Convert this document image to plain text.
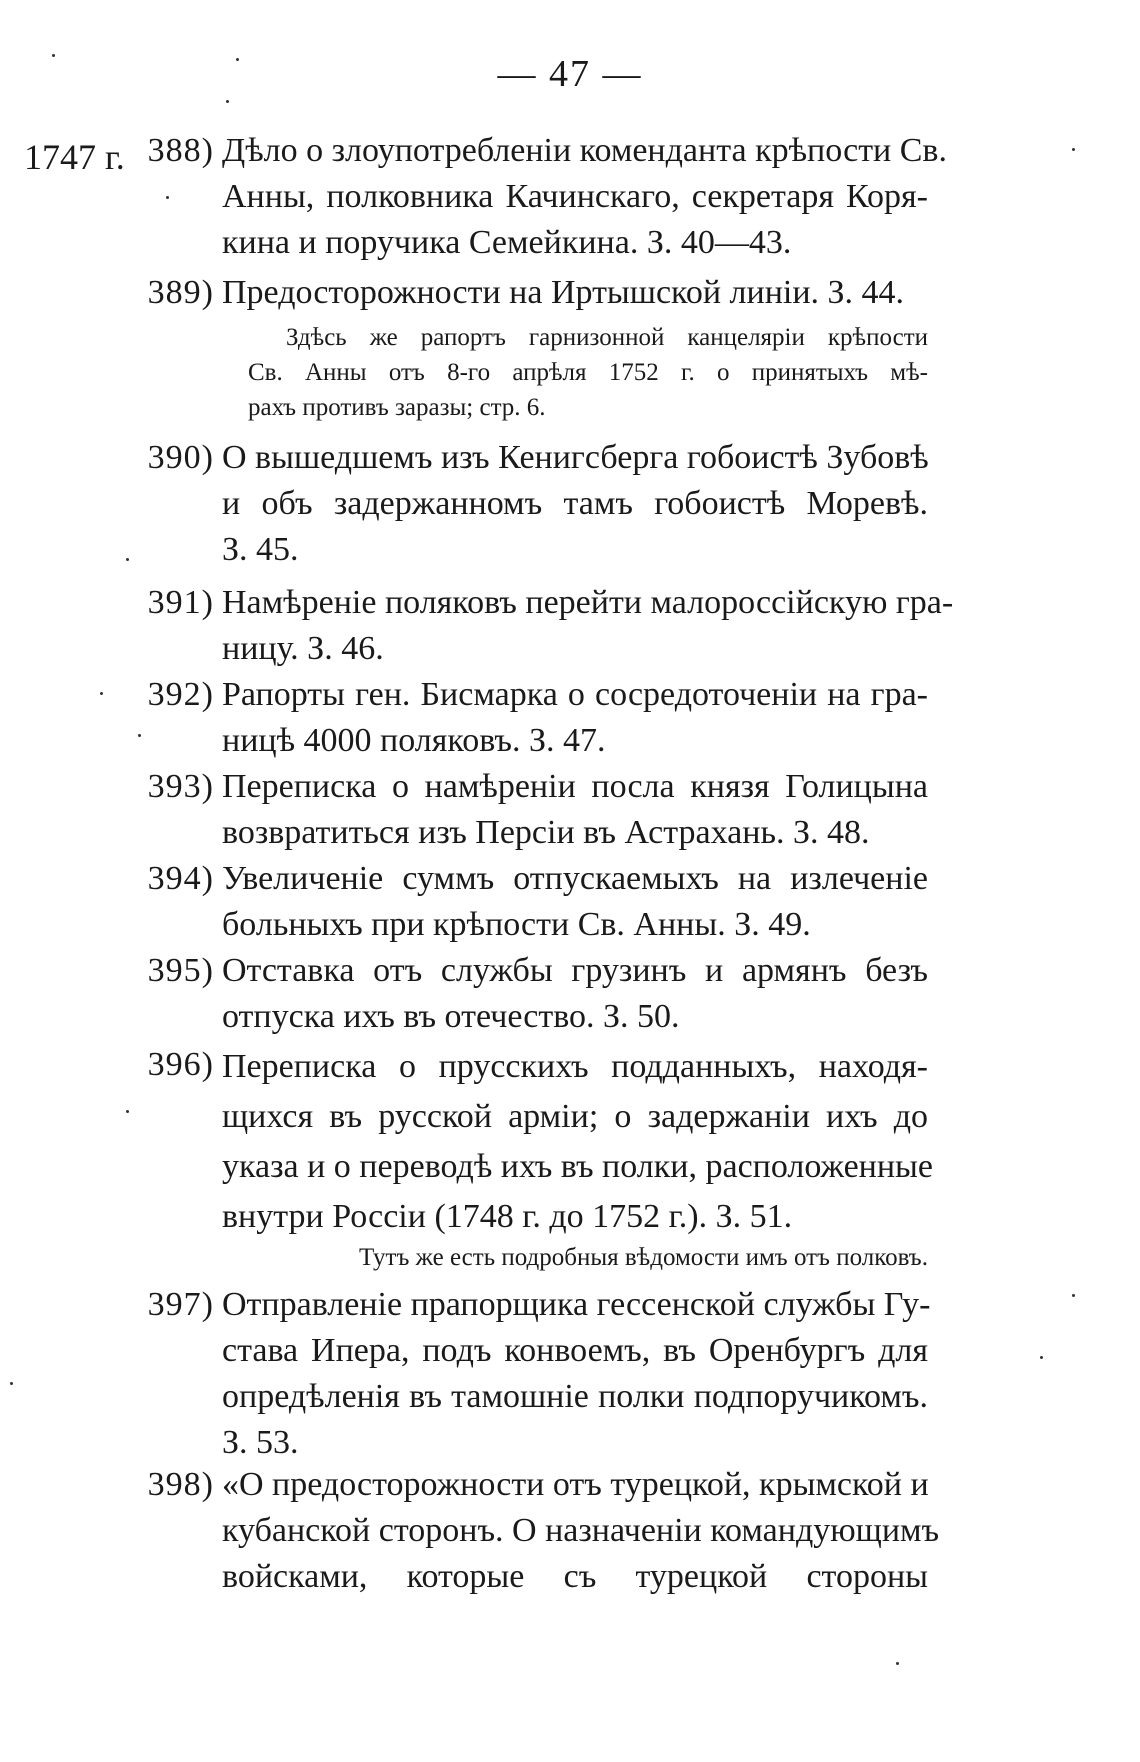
— 47 —
1747 г. 388) Дѣло о злоупотребленіи коменданта крѣпости Св.
Анны, полковника Качинскаго, секретаря Коря-
кина и поручика Семейкина. З. 40—43.
389) Предосторожности на Иртышской линіи. З. 44.
Здѣсь же рапортъ гарнизонной канцеляріи крѣпости
Св. Анны отъ 8-го апрѣля 1752 г. о принятыхъ мѣ-
рахъ противъ заразы; стр. 6.
390) О вышедшемъ изъ Кенигсберга гобоистѣ Зубовѣ
и объ задержанномъ тамъ гобоистѣ Моревѣ.
З. 45.
391) Намѣреніе поляковъ перейти малороссійскую гра-
ницу. З. 46.
392) Рапорты ген. Бисмарка о сосредоточеніи на гра-
ницѣ 4000 поляковъ. З. 47.
393) Переписка о намѣреніи посла князя Голицына
возвратиться изъ Персіи въ Астрахань. З. 48.
394) Увеличеніе суммъ отпускаемыхъ на излеченіе
больныхъ при крѣпости Св. Анны. З. 49.
395) Отставка отъ службы грузинъ и армянъ безъ
отпуска ихъ въ отечество. З. 50.
396) Переписка о прусскихъ подданныхъ, находя-
щихся въ русской арміи; о задержаніи ихъ до
указа и о переводѣ ихъ въ полки, расположенные
внутри Россіи (1748 г. до 1752 г.). З. 51.
Тутъ же есть подробныя вѣдомости имъ отъ полковъ.
397) Отправленіе прапорщика гессенской службы Гу-
става Ипера, подъ конвоемъ, въ Оренбургъ для
опредѣленія въ тамошніе полки подпоручикомъ.
З. 53.
398) «О предосторожности отъ турецкой, крымской и
кубанской сторонъ. О назначеніи командующимъ
войсками, которые съ турецкой стороны
